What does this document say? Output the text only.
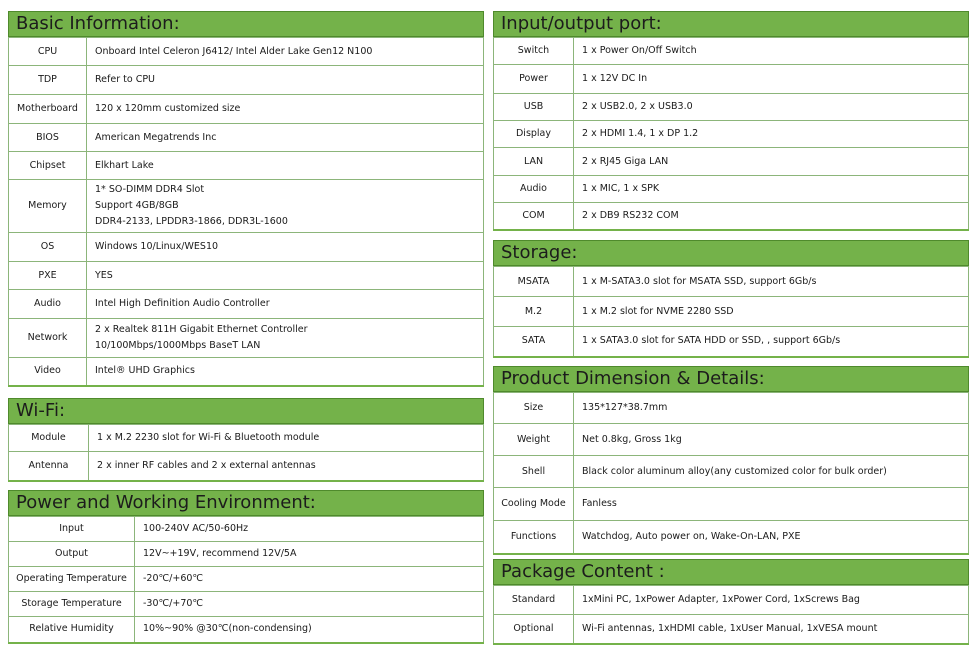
Basic Information:
CPU	Onboard Intel Celeron J6412/ Intel Alder Lake Gen12 N100

TDP	Refer to CPU

Motherboard	120 x 120mm customized size

BIOS	American Megatrends Inc

Chipset	Elkhart Lake

Memory	1* SO-DIMM DDR4 Slot
Support 4GB/8GB
DDR4-2133, LPDDR3-1866, DDR3L-1600

OS	Windows 10/Linux/WES10

PXE	YES

Audio	Intel High Definition Audio Controller

Network	2 x Realtek 811H Gigabit Ethernet Controller
10/100Mbps/1000Mbps BaseT LAN

Video	Intel® UHD Graphics
Wi-Fi:
Module	1 x M.2 2230 slot for Wi-Fi & Bluetooth module

Antenna	2 x inner RF cables and 2 x external antennas
Power and Working Environment:
Input	100-240V AC/50-60Hz

Output	12V~+19V, recommend 12V/5A

Operating Temperature	-20℃/+60℃

Storage Temperature	-30℃/+70℃

Relative Humidity	10%~90% @30℃(non-condensing)
Input/output port:
Switch	1 x Power On/Off Switch

Power	1 x 12V DC In

USB	2 x USB2.0, 2 x USB3.0

Display	2 x HDMI 1.4, 1 x DP 1.2

LAN	2 x RJ45 Giga LAN

Audio	1 x MIC, 1 x SPK

COM	2 x DB9 RS232 COM
Storage:
MSATA	1 x M-SATA3.0 slot for MSATA SSD, support 6Gb/s

M.2	1 x M.2 slot for NVME 2280 SSD

SATA	1 x SATA3.0 slot for SATA HDD or SSD, , support 6Gb/s
Product Dimension & Details:
Size	135*127*38.7mm

Weight	Net 0.8kg, Gross 1kg

Shell	Black color aluminum alloy(any customized color for bulk order)

Cooling Mode	Fanless

Functions	Watchdog, Auto power on, Wake-On-LAN, PXE
Package Content :
Standard	1xMini PC, 1xPower Adapter, 1xPower Cord, 1xScrews Bag

Optional	Wi-Fi antennas, 1xHDMI cable, 1xUser Manual, 1xVESA mount
